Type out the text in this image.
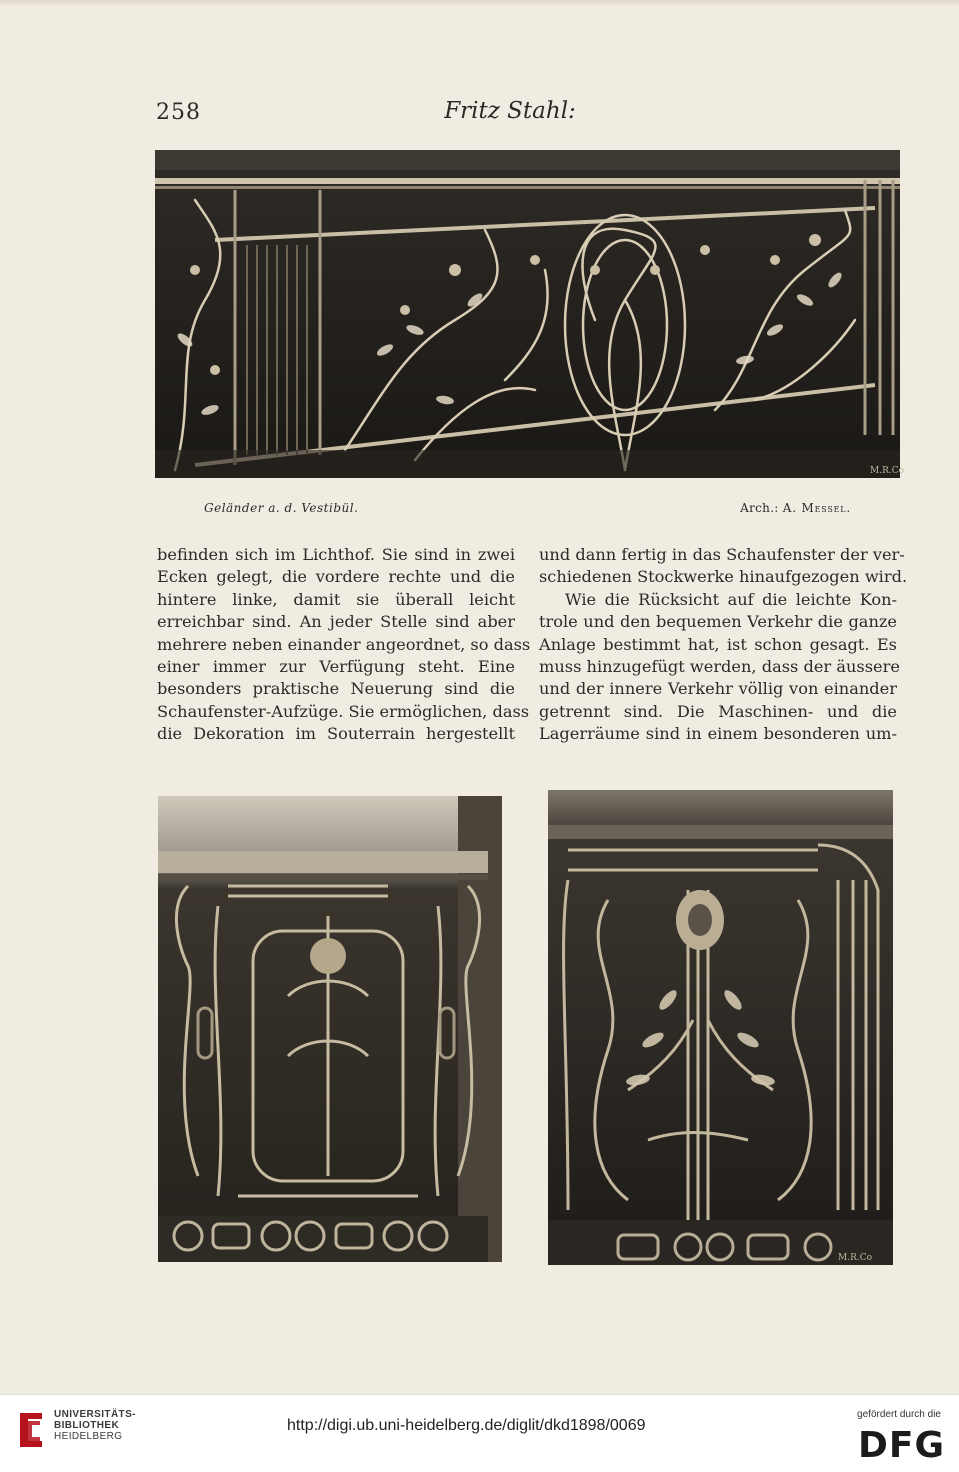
258	Fritz Stahl:
M.R.Co
Geländer a. d. Vestibül.	Arch.: A. Messel.
befinden sich im Lichthof. Sie sind in zwei
Ecken gelegt, die vordere rechte und die
hintere linke, damit sie überall leicht
erreichbar sind. An jeder Stelle sind aber
mehrere neben einander angeordnet, so dass
einer immer zur Verfügung steht. Eine
besonders praktische Neuerung sind die
Schaufenster-Aufzüge. Sie ermöglichen, dass
die Dekoration im Souterrain hergestellt
und dann fertig in das Schaufenster der ver-
schiedenen Stockwerke hinaufgezogen wird.
Wie die Rücksicht auf die leichte Kon-
trole und den bequemen Verkehr die ganze
Anlage bestimmt hat, ist schon gesagt. Es
muss hinzugefügt werden, dass der äussere
und der innere Verkehr völlig von einander
getrennt sind. Die Maschinen- und die
Lagerräume sind in einem besonderen um-
M.R.Co
UNIVERSITÄTS-
BIBLIOTHEK
HEIDELBERG
http://digi.ub.uni-heidelberg.de/diglit/dkd1898/0069
gefördert durch die
DFG
